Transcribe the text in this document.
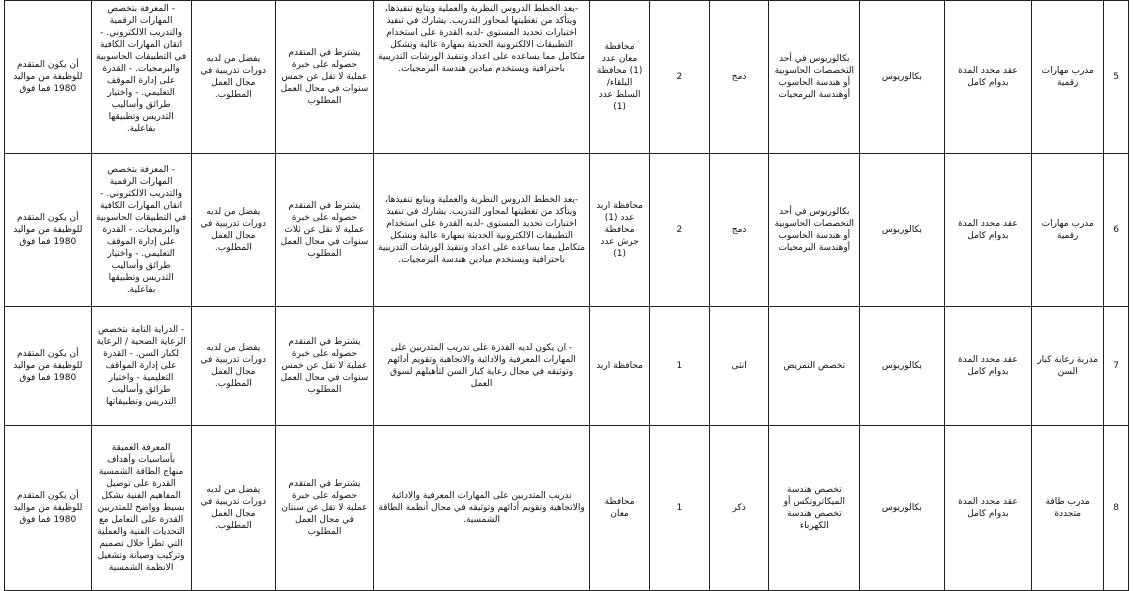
5	مدرب مهارات رقمية	عقد محدد المدة بدوام كامل	بكالوريوس	بكالوريوس في أحد التخصصات الحاسوبية أو هندسة الحاسوب أوهندسة البرمجيات	دمج	2	محافظة معان عدد (1) محافظة البلقاء/ السلط عدد (1)	-يعد الخطط الدروس النظرية والعملية ويتابع تنفيذها، ويتأكد من تغطيتها لمحاور التدريب. يشارك في تنفيذ اختبارات تحديد المستوى -لديه القدرة على استخدام التطبيقات الالكترونية الحديثة بمهارة عالية وبشكل متكامل مما يساعده على اعداد وتنفيذ الورشات التدريبية باحترافية ويستخدم ميادين هندسة البرمجيات.	يشترط في المتقدم حصوله على خبرة عملية لا تقل عن خمس سنوات في مجال العمل المطلوب	يفضل من لديه دورات تدريبية في مجال العمل المطلوب.	- المعرفة بتخصص المهارات الرقمية والتدريب الالكتروني. - اتقان المهارات الكافية في التطبيقات الحاسوبية والبرمجيات. - القدرة على إدارة الموقف التعليمي. - واختيار طرائق وأساليب التدريس وتطبيقها بفاعلية.	أن يكون المتقدم للوظيفة من مواليد 1980 فما فوق
6	مدرب مهارات رقمية	عقد محدد المدة بدوام كامل	بكالوريوس	بكالوريوس في أحد التخصصات الحاسوبية أو هندسة الحاسوب أوهندسة البرمجيات	دمج	2	محافظة اربد عدد (1) محافظة جرش عدد (1)	-يعد الخطط الدروس النظرية والعملية ويتابع تنفيذها، ويتأكد من تغطيتها لمحاور التدريب. يشارك في تنفيذ اختبارات تحديد المستوى -لديه القدرة على استخدام التطبيقات الالكترونية الحديثة بمهارة عالية وبشكل متكامل مما يساعده على اعداد وتنفيذ الورشات التدريبية باحترافية ويستخدم ميادين هندسة البرمجيات.	يشترط في المتقدم حصوله على خبرة عملية لا تقل عن ثلاث سنوات في مجال العمل المطلوب	يفضل من لديه دورات تدريبية في مجال العمل المطلوب.	- المعرفة بتخصص المهارات الرقمية والتدريب الالكتروني. - اتقان المهارات الكافية في التطبيقات الحاسوبية والبرمجيات. - القدرة على إدارة الموقف التعليمي. - واختيار طرائق وأساليب التدريس وتطبيقها بفاعلية.	أن يكون المتقدم للوظيفة من مواليد 1980 فما فوق
7	مدربة رعاية كبار السن	عقد محدد المدة بدوام كامل	بكالوريوس	تخصص التمريض	انثى	1	محافظة اربد	- ان يكون لديه القدرة على تدريب المتدربين على المهارات المعرفية والادائية والاتجاهية وتقويم أدائهم وتوثيقه في مجال رعاية كبار السن لتأهيلهم لسوق العمل	يشترط في المتقدم حصوله على خبرة عملية لا تقل عن خمس سنوات في مجال العمل المطلوب	يفضل من لديه دورات تدريبية في مجال العمل المطلوب.	- الدراية التامة بتخصص الرعاية الصحية / الرعاية لكبار السن. - القدرة على إدارة المواقف التعليمية - واختيار طرائق وأساليب التدريس وتطبيقاتها	أن يكون المتقدم للوظيفة من مواليد 1980 فما فوق
8	مدرب طاقة متجددة	عقد محدد المدة بدوام كامل	بكالوريوس	تخصص هندسة الميكاترونكس أو تخصص هندسة الكهرباء	ذكر	1	محافظة معان	تدريب المتدربين على المهارات المعرفية والادائية والاتجاهية وتقويم أدائهم وتوثيقه في مجال أنظمة الطاقة الشمسية.	يشترط في المتقدم حصوله على خبرة عملية لا تقل عن سنتان في مجال العمل المطلوب	يفضل من لديه دورات تدريبية في مجال العمل المطلوب.	المعرفة العميقة بأساسيات وأهداف منهاج الطاقة الشمسية القدرة على توصيل المفاهيم الفنية بشكل بسيط وواضح للمتدربين القدرة على التعامل مع التحديات الفنية والعملية التي تطرأ خلال تصميم وتركيب وصيانة وتشغيل الانظمة الشمسية	أن يكون المتقدم للوظيفة من مواليد 1980 فما فوق
